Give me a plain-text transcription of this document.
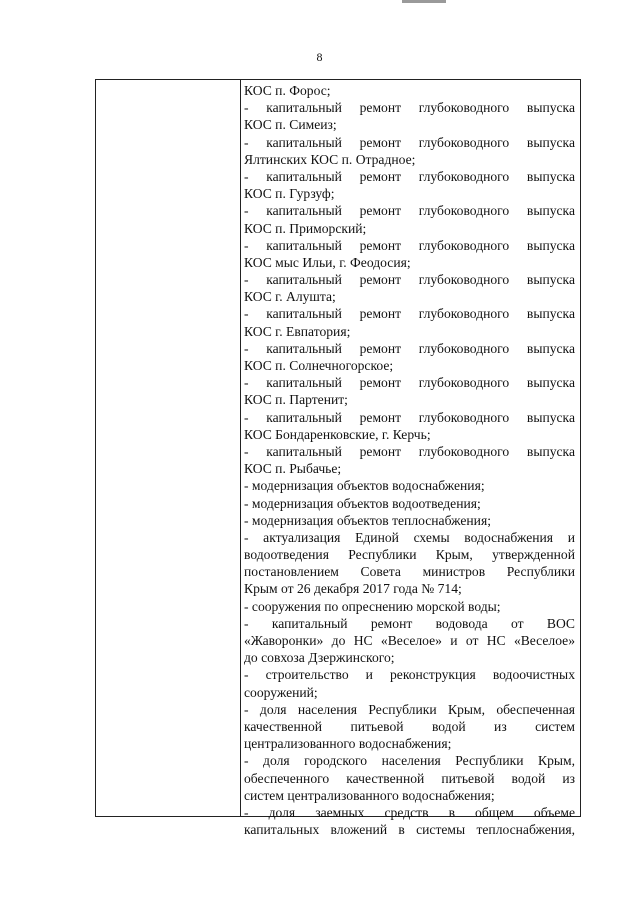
8
КОС п. Форос;
- капитальный ремонт глубоководного выпуска
КОС п. Симеиз;
- капитальный ремонт глубоководного выпуска
Ялтинских КОС п. Отрадное;
- капитальный ремонт глубоководного выпуска
КОС п. Гурзуф;
- капитальный ремонт глубоководного выпуска
КОС п. Приморский;
- капитальный ремонт глубоководного выпуска
КОС мыс Ильи, г. Феодосия;
- капитальный ремонт глубоководного выпуска
КОС г. Алушта;
- капитальный ремонт глубоководного выпуска
КОС г. Евпатория;
- капитальный ремонт глубоководного выпуска
КОС п. Солнечногорское;
- капитальный ремонт глубоководного выпуска
КОС п. Партенит;
- капитальный ремонт глубоководного выпуска
КОС Бондаренковские, г. Керчь;
- капитальный ремонт глубоководного выпуска
КОС п. Рыбачье;
- модернизация объектов водоснабжения;
- модернизация объектов водоотведения;
- модернизация объектов теплоснабжения;
- актуализация Единой схемы водоснабжения и
водоотведения Республики Крым, утвержденной
постановлением Совета министров Республики
Крым от 26 декабря 2017 года № 714;
- сооружения по опреснению морской воды;
- капитальный ремонт водовода от ВОС
«Жаворонки» до НС «Веселое» и от НС «Веселое»
до совхоза Дзержинского;
- строительство и реконструкция водоочистных
сооружений;
- доля населения Республики Крым, обеспеченная
качественной питьевой водой из систем
централизованного водоснабжения;
- доля городского населения Республики Крым,
обеспеченного качественной питьевой водой из
систем централизованного водоснабжения;
- доля заемных средств в общем объеме
капитальных вложений в системы теплоснабжения,
